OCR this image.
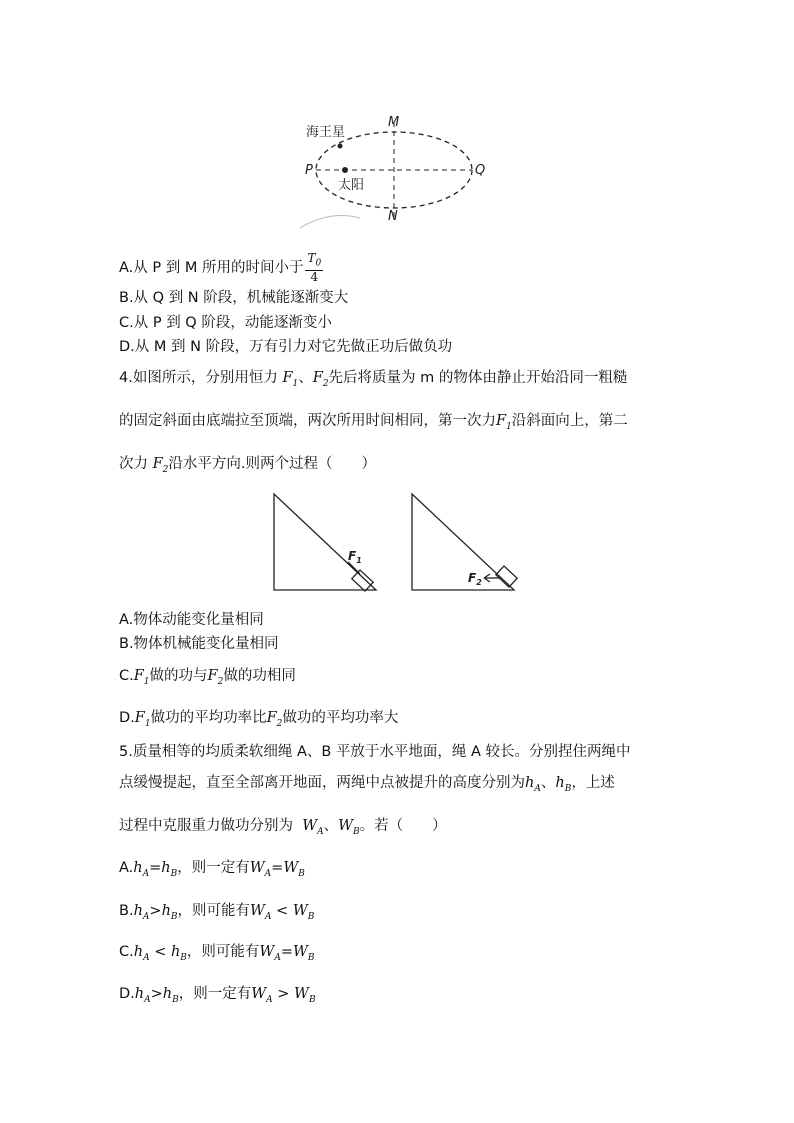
海王星
太阳
M
N
P	Q
A.从 P 到 M 所用的时间小于 $\frac{T_0}{4}$
B.从 Q 到 N 阶段，机械能逐渐变大
C.从 P 到 Q 阶段，动能逐渐变小
D.从 M 到 N 阶段，万有引力对它先做正功后做负功
4.如图所示，分别用恒力 $F_1$、$F_2$先后将质量为 m 的物体由静止开始沿同一粗糙
的固定斜面由底端拉至顶端，两次所用时间相同，第一次力$F_1$沿斜面向上，第二
次力 $F_2$沿水平方向.则两个过程（　　）
$F_1$
$F_2$
A.物体动能变化量相同
B.物体机械能变化量相同
$C.F_1$做的功与$F_2$做的功相同
$D.F_1$做功的平均功率比$F_2$做功的平均功率大
5.质量相等的均质柔软细绳 A、B 平放于水平地面，绳 A 较长。分别捏住两绳中
点缓慢提起，直至全部离开地面，两绳中点被提升的高度分别为$h_A$、$h_B$，上述
过程中克服重力做功分别为 $W_A$、$W_B$。若（　　）
$A.h_A=h_B$，则一定有$W_A=W_B$
$B.h_A>h_B$，则可能有$W_A < W_B$
$C.h_A < h_B$，则可能有$W_A=W_B$
$D.h_A>h_B$，则一定有$W_A > W_B$
